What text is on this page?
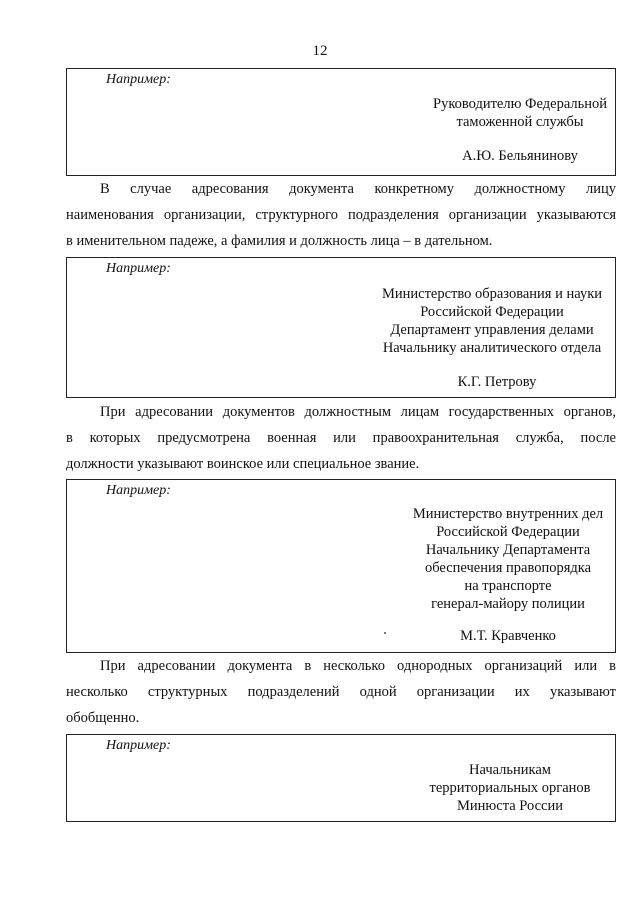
12
Например:
Руководителю Федеральной
таможенной службы
А.Ю. Бельянинову
В случае адресования документа конкретному должностному лицу
наименования организации, структурного подразделения организации указываются
в именительном падеже, а фамилия и должность лица – в дательном.
Например:
Министерство образования и науки
Российской Федерации
Департамент управления делами
Начальнику аналитического отдела
К.Г. Петрову
При адресовании документов должностным лицам государственных органов,
в которых предусмотрена военная или правоохранительная служба, после
должности указывают воинское или специальное звание.
Например:
Министерство внутренних дел
Российской Федерации
Начальнику Департамента
обеспечения правопорядка
на транспорте
генерал-майору полиции
М.Т. Кравченко
При адресовании документа в несколько однородных организаций или в
несколько структурных подразделений одной организации их указывают
обобщенно.
Например:
Начальникам
территориальных органов
Минюста России
